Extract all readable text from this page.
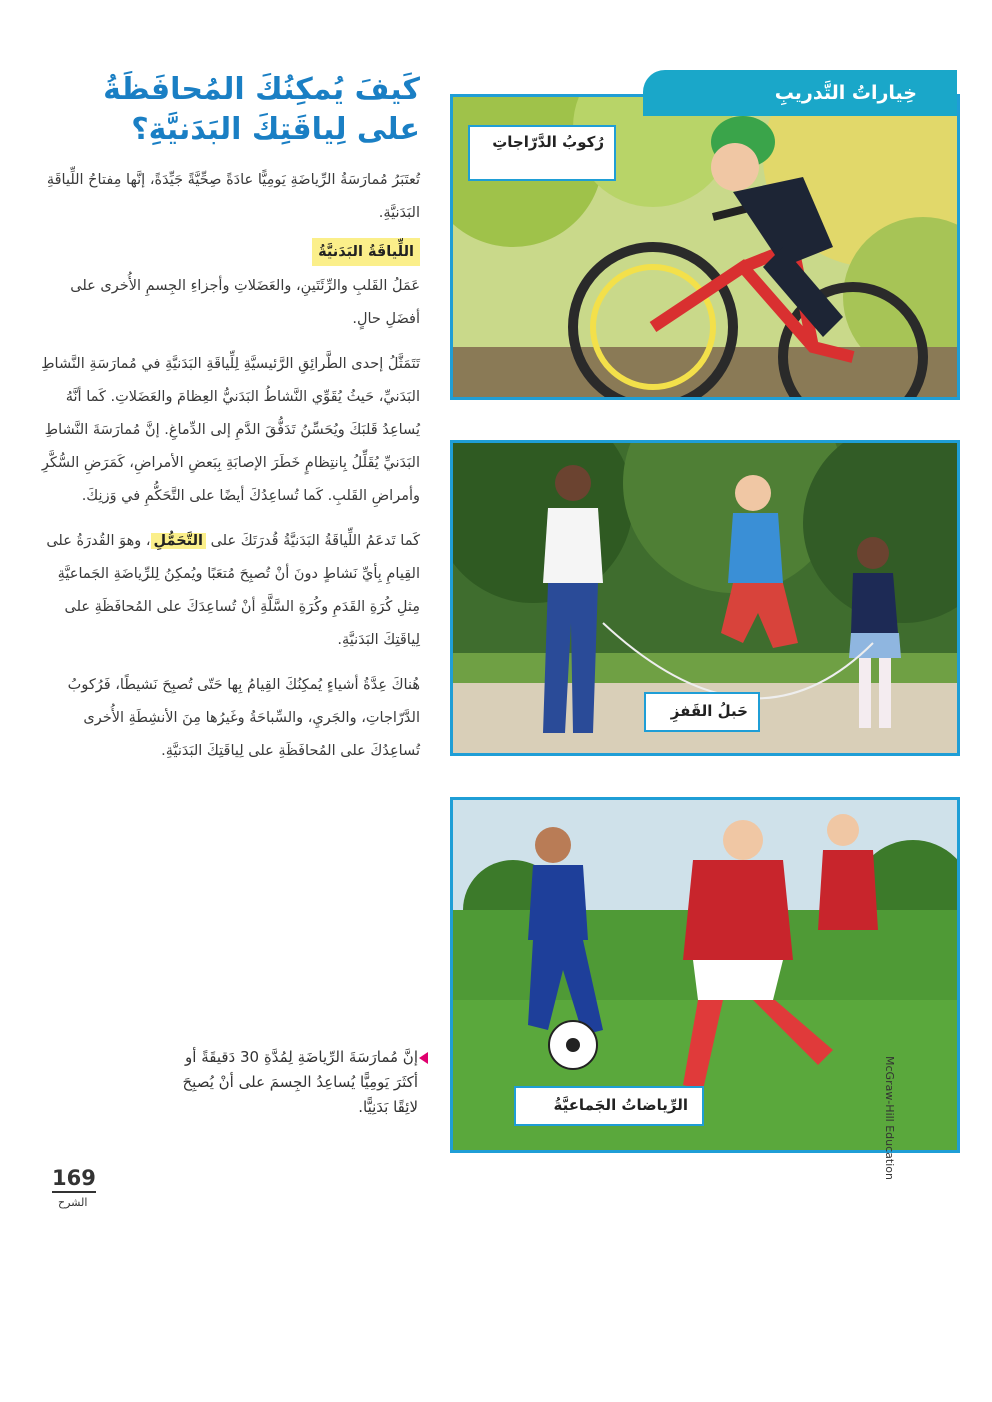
كَيفَ يُمكِنُكَ المُحافَظَةُ على لِياقَتِكَ البَدَنيَّةِ؟

تُعتَبَرُ مُمارَسَةُ الرِّياضَةِ يَومِيًّا عادَةً صِحِّيَّةً جَيِّدَةً، إنَّها مِفتاحُ اللِّياقَةِ البَدَنيَّةِ.

اللِّياقَةُ البَدَنيَّةُ

عَمَلُ القَلبِ والرِّئَتَينِ، والعَضَلاتِ وأجزاءِ الجِسمِ الأُخرى على أفضَلِ حالٍ.

تَتَمَثَّلُ إحدى الطَّرائِقِ الرَّئيسيَّةِ لِلِّياقَةِ البَدَنيَّةِ في مُمارَسَةِ النَّشاطِ البَدَنيِّ، حَيثُ يُقَوِّي النَّشاطُ البَدَنيُّ العِظامَ والعَضَلاتِ. كَما أنَّهُ يُساعِدُ قَلبَكَ ويُحَسِّنُ تَدَفُّقَ الدَّمِ إلى الدِّماغِ. إنَّ مُمارَسَةَ النَّشاطِ البَدَنيِّ يُقَلِّلُ بِانتِظامٍ خَطَرَ الإصابَةِ بِبَعضِ الأمراضِ، كَمَرَضِ السُّكَّرِ وأمراضِ القَلبِ. كَما تُساعِدُكَ أيضًا على التَّحَكُّمِ في وَزنِكَ.

كَما تَدعَمُ اللِّياقَةُ البَدَنيَّةُ قُدرَتَكَ على التَّحَمُّلِ، وهوَ القُدرَةُ على القِيامِ بِأيِّ نَشاطٍ دونَ أنْ تُصبِحَ مُتعَبًا ويُمكِنُ لِلرِّياضَةِ الجَماعيَّةِ مِثلِ كُرَةِ القَدَمِ وكُرَةِ السَّلَّةِ أنْ تُساعِدَكَ على المُحافَظَةِ على لِياقَتِكَ البَدَنيَّةِ.

هُناكَ عِدَّةُ أشياءٍ يُمكِنُكَ القِيامُ بِها حَتّى تُصبِحَ نَشيطًا، فَرُكوبُ الدَّرّاجاتِ، والجَريِ، والسِّباحَةُ وغَيرُها مِنَ الأنشِطَةِ الأُخرى تُساعِدُكَ على المُحافَظَةِ على لِياقَتِكَ البَدَنيَّةِ.

إنَّ مُمارَسَةَ الرِّياضَةِ لِمُدَّةِ 30 دَقيقَةً أو أكثَرَ يَومِيًّا يُساعِدُ الجِسمَ على أنْ يُصبِحَ لائِقًا بَدَنِيًّا.
169
الشرح
خِياراتُ التَّدريبِ
رُكوبُ الدَّرّاجاتِ
حَبلُ القَفزِ
الرِّياضاتُ الجَماعيَّةُ	McGraw-Hill Education
